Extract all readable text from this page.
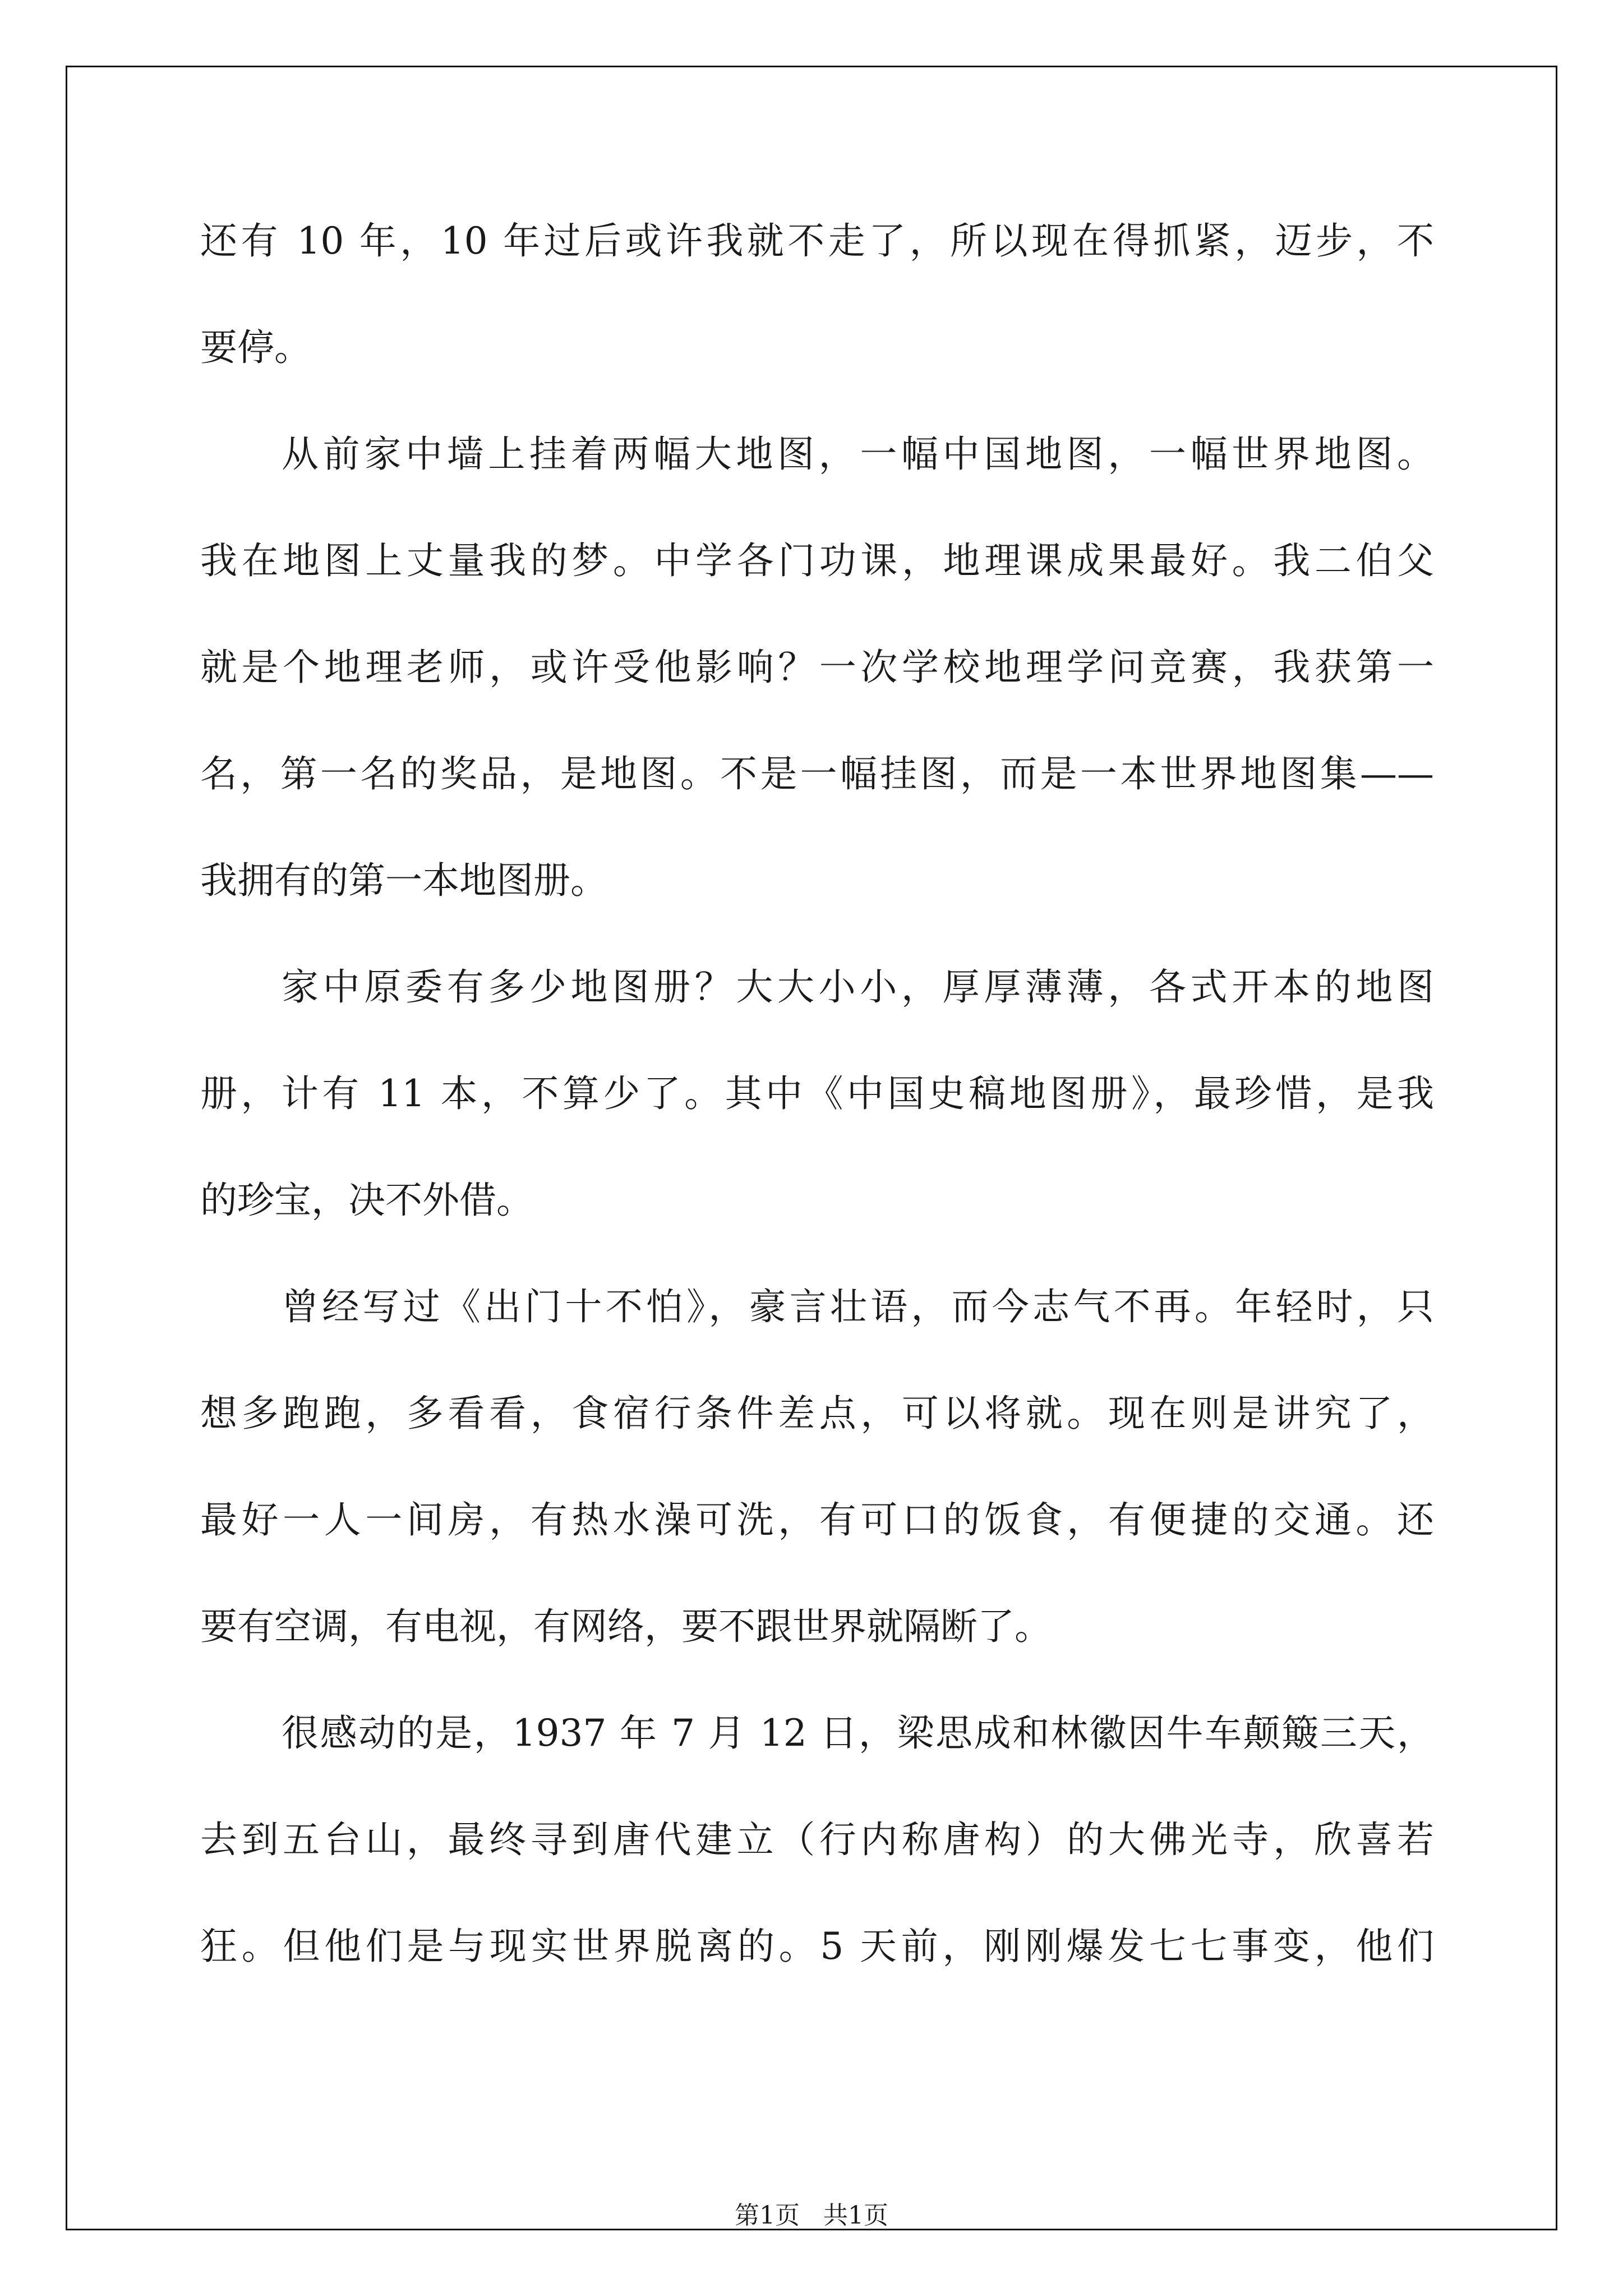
还有 10 年，10 年过后或许我就不走了，所以现在得抓紧，迈步，不
要停。
从前家中墙上挂着两幅大地图，一幅中国地图，一幅世界地图。
我在地图上丈量我的梦。中学各门功课，地理课成果最好。我二伯父
就是个地理老师，或许受他影响？一次学校地理学问竞赛，我获第一
名，第一名的奖品，是地图。不是一幅挂图，而是一本世界地图集——
我拥有的第一本地图册。
家中原委有多少地图册？大大小小，厚厚薄薄，各式开本的地图
册，计有 11 本，不算少了。其中《中国史稿地图册》，最珍惜，是我
的珍宝，决不外借。
曾经写过《出门十不怕》，豪言壮语，而今志气不再。年轻时，只
想多跑跑，多看看，食宿行条件差点，可以将就。现在则是讲究了，
最好一人一间房，有热水澡可洗，有可口的饭食，有便捷的交通。还
要有空调，有电视，有网络，要不跟世界就隔断了。
很感动的是，1937 年 7 月 12 日，梁思成和林徽因牛车颠簸三天，
去到五台山，最终寻到唐代建立（行内称唐构）的大佛光寺，欣喜若
狂。但他们是与现实世界脱离的。5 天前，刚刚爆发七七事变，他们
第1页   共1页
